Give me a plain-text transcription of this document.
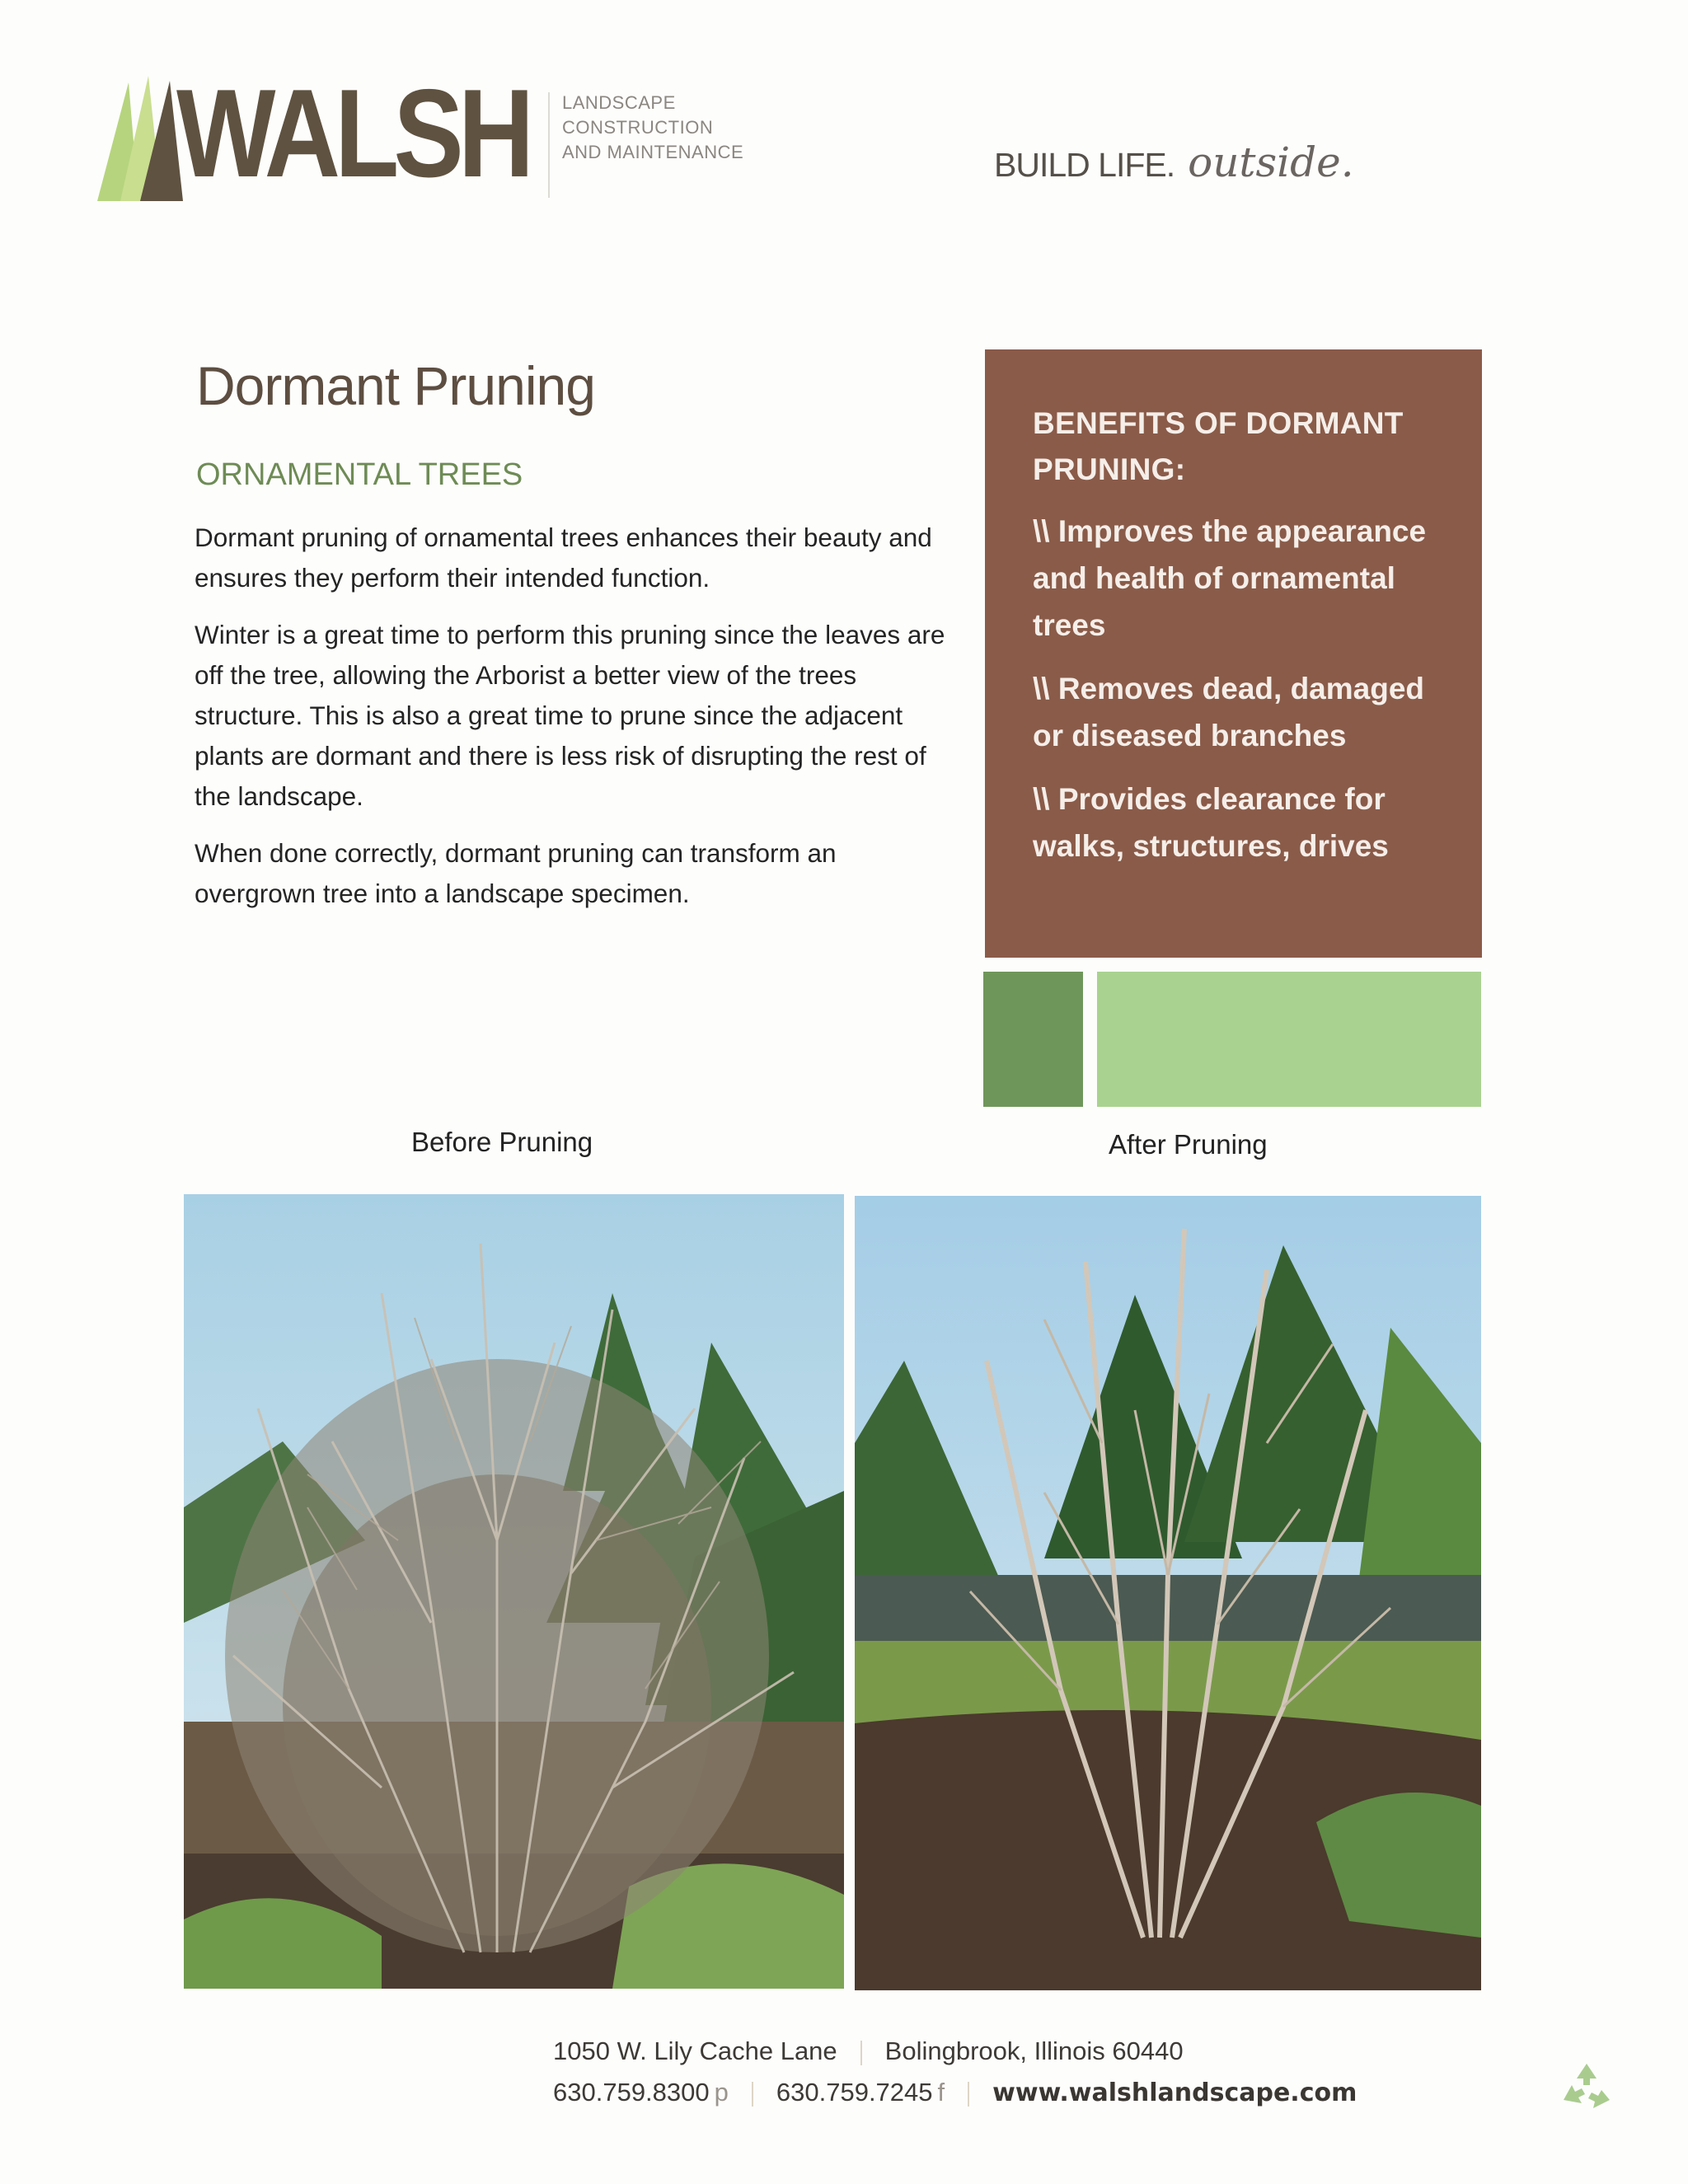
WALSH LANDSCAPE
CONSTRUCTION
AND MAINTENANCE	BUILD LIFE. outside.
Dormant Pruning
ORNAMENTAL TREES

Dormant pruning of ornamental trees enhances their beauty and ensures they perform their intended function.

Winter is a great time to perform this pruning since the leaves are off the tree, allowing the Arborist a better view of the trees structure. This is also a great time to prune since the adjacent plants are dormant and there is less risk of disrupting the rest of the landscape.

When done correctly, dormant pruning can transform an overgrown tree into a landscape specimen.

BENEFITS OF DORMANT PRUNING:
\\ Improves the appearance and health of ornamental trees
\\ Removes dead, damaged or diseased branches
\\ Provides clearance for walks, structures, drives
Before Pruning	After Pruning
1050 W. Lily Cache Lane Bolingbrook, Illinois 60440
630.759.8300 p 630.759.7245 f www.walshlandscape.com
